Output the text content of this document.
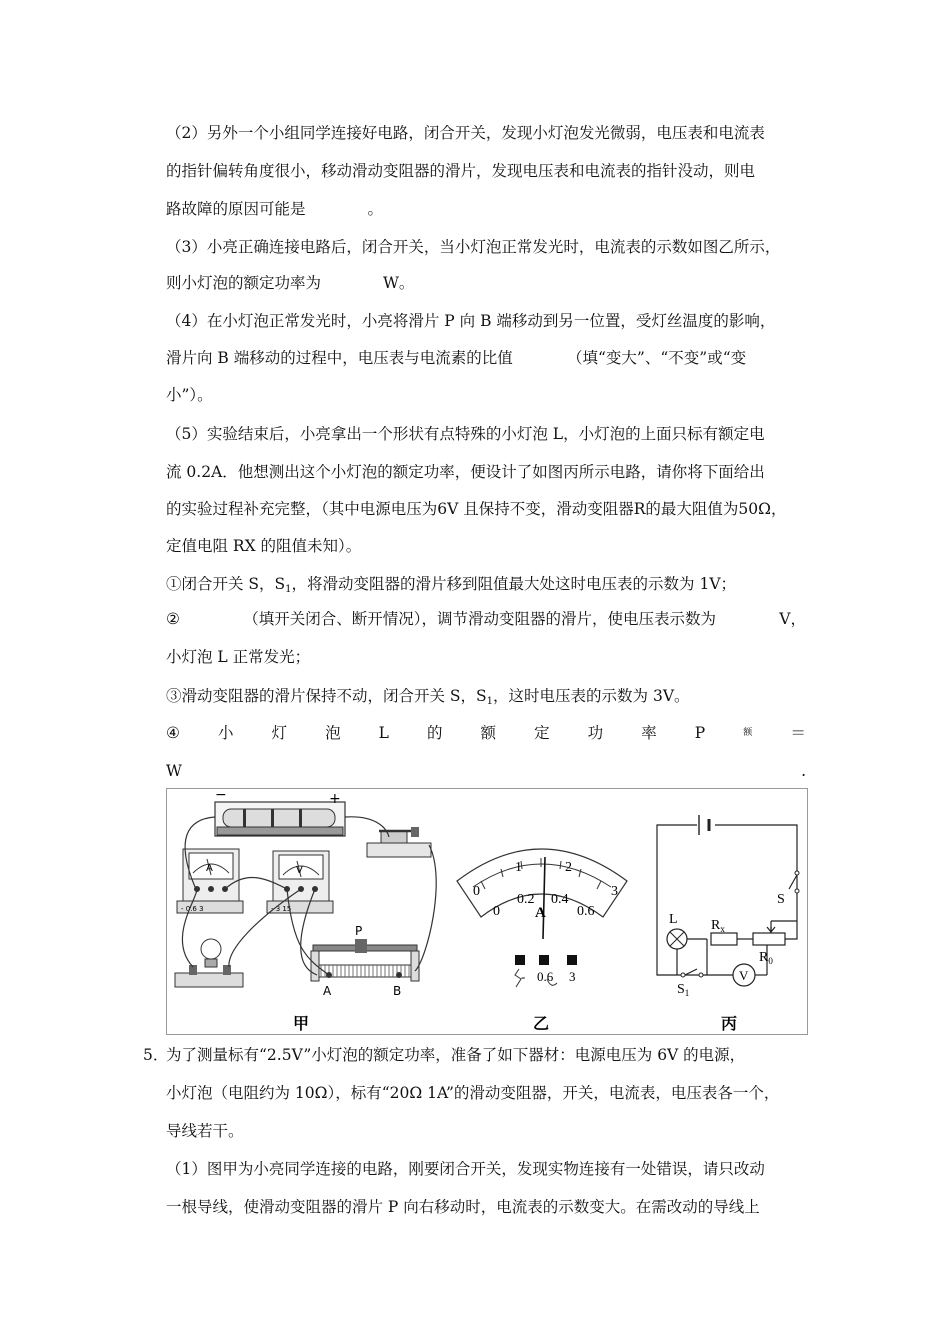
（2）另外一个小组同学连接好电路，闭合开关，发现小灯泡发光微弱，电压表和电流表
的指针偏转角度很小，移动滑动变阻器的滑片，发现电压表和电流表的指针没动，则电
路故障的原因可能是　　　　。
（3）小亮正确连接电路后，闭合开关，当小灯泡正常发光时，电流表的示数如图乙所示，
则小灯泡的额定功率为　　　　W。
（4）在小灯泡正常发光时，小亮将滑片 P 向 B 端移动到另一位置，受灯丝温度的影响，
滑片向 B 端移动的过程中，电压表与电流素的比值　　　　（填“变大”、“不变”或“变
小”）。
（5）实验结束后，小亮拿出一个形状有点特殊的小灯泡 L，小灯泡的上面只标有额定电
流 0.2A．他想测出这个小灯泡的额定功率，便设计了如图丙所示电路，请你将下面给出
的实验过程补充完整，（其中电源电压为6V 且保持不变，滑动变阻器R的最大阻值为50Ω，
定值电阻 RX 的阻值未知）。
①闭合开关 S，$S_1$，将滑动变阻器的滑片移到阻值最大处这时电压表的示数为 1V；
②	（填开关闭合、断开情况），调节滑动变阻器的滑片，使电压表示数为	V，
小灯泡 L 正常发光；
③滑动变阻器的滑片保持不动，闭合开关 S，$S_1$，这时电压表的示数为 3V。
④ 小 灯 泡 L 的 额 定 功 率 P	额 ＝
W	.
−	+
A
- 0.6 3
V
- 3 15
P
A	B
甲
0
1	2
3
0
0.2 0.4
0.6
A
- 0.6 3
乙
S
L $R_x$
$R_0$
$S_1$
V
丙
5．
为了测量标有“2.5V”小灯泡的额定功率，准备了如下器材：电源电压为 6V 的电源，
小灯泡（电阻约为 10Ω），标有“20Ω 1A”的滑动变阻器，开关，电流表，电压表各一个，
导线若干。
（1）图甲为小亮同学连接的电路，刚要闭合开关，发现实物连接有一处错误，请只改动
一根导线，使滑动变阻器的滑片 P 向右移动时，电流表的示数变大。在需改动的导线上
